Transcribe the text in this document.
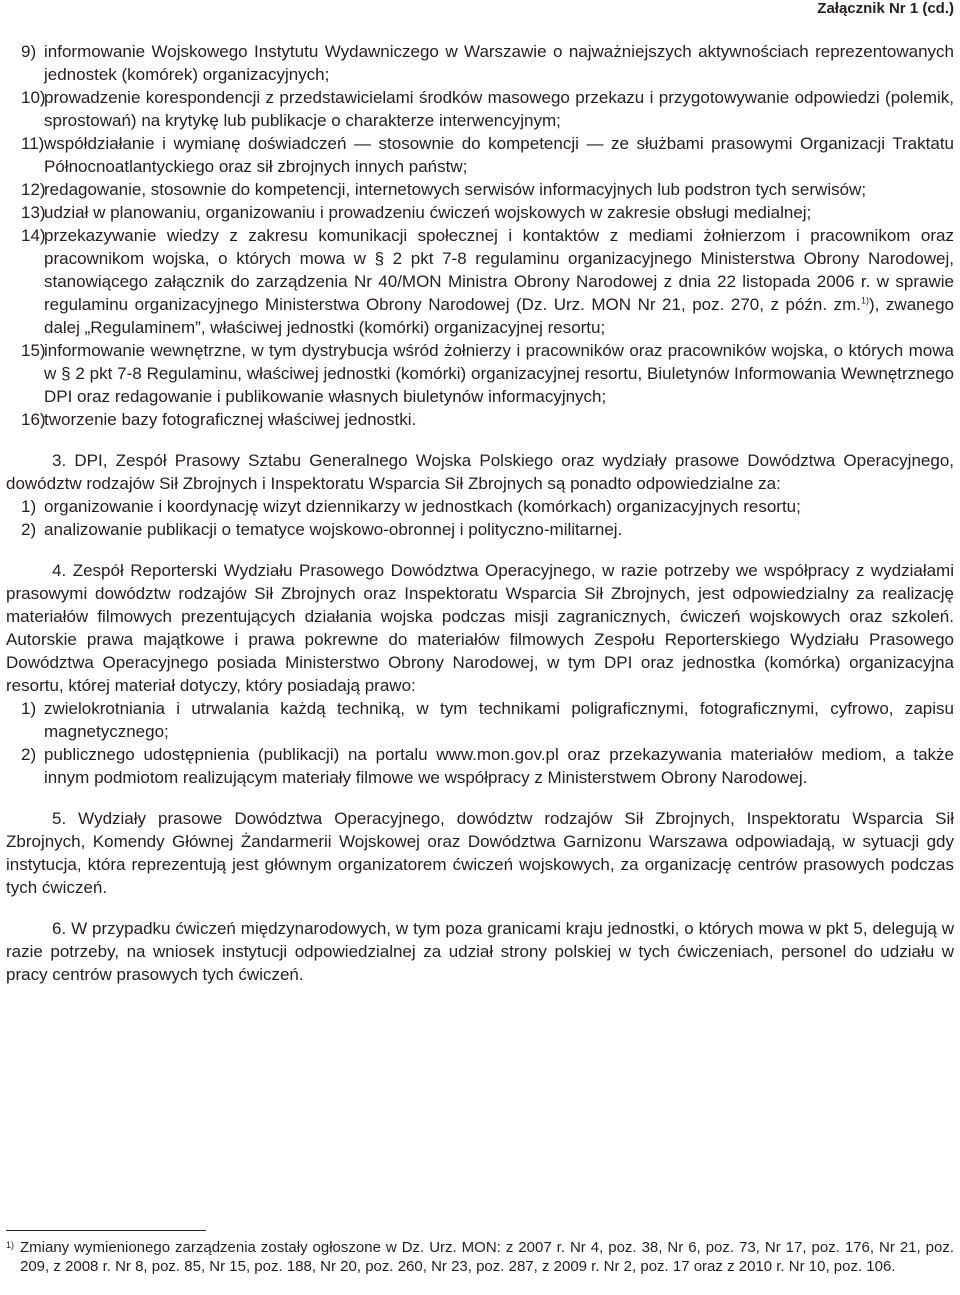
Załącznik Nr 1 (cd.)
9) informowanie Wojskowego Instytutu Wydawniczego w Warszawie o najważniejszych aktywnościach reprezentowanych jednostek (komórek) organizacyjnych;
10)
prowadzenie korespondencji z przedstawicielami środków masowego przekazu i przygotowywanie odpowiedzi (polemik, sprostowań) na krytykę lub publikacje o charakterze interwencyjnym;
11) współdziałanie i wymianę doświadczeń — stosownie do kompetencji — ze służbami prasowymi Organizacji Traktatu Północnoatlantyckiego oraz sił zbrojnych innych państw;
12)
redagowanie, stosownie do kompetencji, internetowych serwisów informacyjnych lub podstron tych serwisów;
13)
udział w planowaniu, organizowaniu i prowadzeniu ćwiczeń wojskowych w zakresie obsługi medialnej;
14)
przekazywanie wiedzy z zakresu komunikacji społecznej i kontaktów z mediami żołnierzom i pracownikom oraz pracownikom wojska, o których mowa w § 2 pkt 7-8 regulaminu organizacyjnego Ministerstwa Obrony Narodowej, stanowiącego załącznik do zarządzenia Nr 40/MON Ministra Obrony Narodowej z dnia 22 listopada 2006 r. w sprawie regulaminu organizacyjnego Ministerstwa Obrony Narodowej (Dz. Urz. MON Nr 21, poz. 270, z późn. zm.$^{1)}$), zwanego dalej „Regulaminem”, właściwej jednostki (komórki) organizacyjnej resortu;
15)
informowanie wewnętrzne, w tym dystrybucja wśród żołnierzy i pracowników oraz pracowników wojska, o których mowa w § 2 pkt 7-8 Regulaminu, właściwej jednostki (komórki) organizacyjnej resortu, Biuletynów Informowania Wewnętrznego DPI oraz redagowanie i publikowanie własnych biuletynów informacyjnych;
16)
tworzenie bazy fotograficznej właściwej jednostki.

3. DPI, Zespół Prasowy Sztabu Generalnego Wojska Polskiego oraz wydziały prasowe Dowództwa Operacyjnego, dowództw rodzajów Sił Zbrojnych i Inspektoratu Wsparcia Sił Zbrojnych są ponadto odpowiedzialne za:

1) organizowanie i koordynację wizyt dziennikarzy w jednostkach (komórkach) organizacyjnych resortu;
2) analizowanie publikacji o tematyce wojskowo-obronnej i polityczno-militarnej.

4. Zespół Reporterski Wydziału Prasowego Dowództwa Operacyjnego, w razie potrzeby we współpracy z wydziałami prasowymi dowództw rodzajów Sił Zbrojnych oraz Inspektoratu Wsparcia Sił Zbrojnych, jest odpowiedzialny za realizację materiałów filmowych prezentujących działania wojska podczas misji zagranicznych, ćwiczeń wojskowych oraz szkoleń. Autorskie prawa majątkowe i prawa pokrewne do materiałów filmowych Zespołu Reporterskiego Wydziału Prasowego Dowództwa Operacyjnego posiada Ministerstwo Obrony Narodowej, w tym DPI oraz jednostka (komórka) organizacyjna resortu, której materiał dotyczy, który posiadają prawo:

1) zwielokrotniania i utrwalania każdą techniką, w tym technikami poligraficznymi, fotograficznymi, cyfrowo, zapisu magnetycznego;
2) publicznego udostępnienia (publikacji) na portalu www.mon.gov.pl oraz przekazywania materiałów mediom, a także innym podmiotom realizującym materiały filmowe we współpracy z Ministerstwem Obrony Narodowej.

5. Wydziały prasowe Dowództwa Operacyjnego, dowództw rodzajów Sił Zbrojnych, Inspektoratu Wsparcia Sił Zbrojnych, Komendy Głównej Żandarmerii Wojskowej oraz Dowództwa Garnizonu Warszawa odpowiadają, w sytuacji gdy instytucja, która reprezentują jest głównym organizatorem ćwiczeń wojskowych, za organizację centrów prasowych podczas tych ćwiczeń.

6. W przypadku ćwiczeń międzynarodowych, w tym poza granicami kraju jednostki, o których mowa w pkt 5, delegują w razie potrzeby, na wniosek instytucji odpowiedzialnej za udział strony polskiej w tych ćwiczeniach, personel do udziału w pracy centrów prasowych tych ćwiczeń.

1) Zmiany wymienionego zarządzenia zostały ogłoszone w Dz. Urz. MON: z 2007 r. Nr 4, poz. 38, Nr 6, poz. 73, Nr 17, poz. 176, Nr 21, poz. 209, z 2008 r. Nr 8, poz. 85, Nr 15, poz. 188, Nr 20, poz. 260, Nr 23, poz. 287, z 2009 r. Nr 2, poz. 17 oraz z 2010 r. Nr 10, poz. 106.
